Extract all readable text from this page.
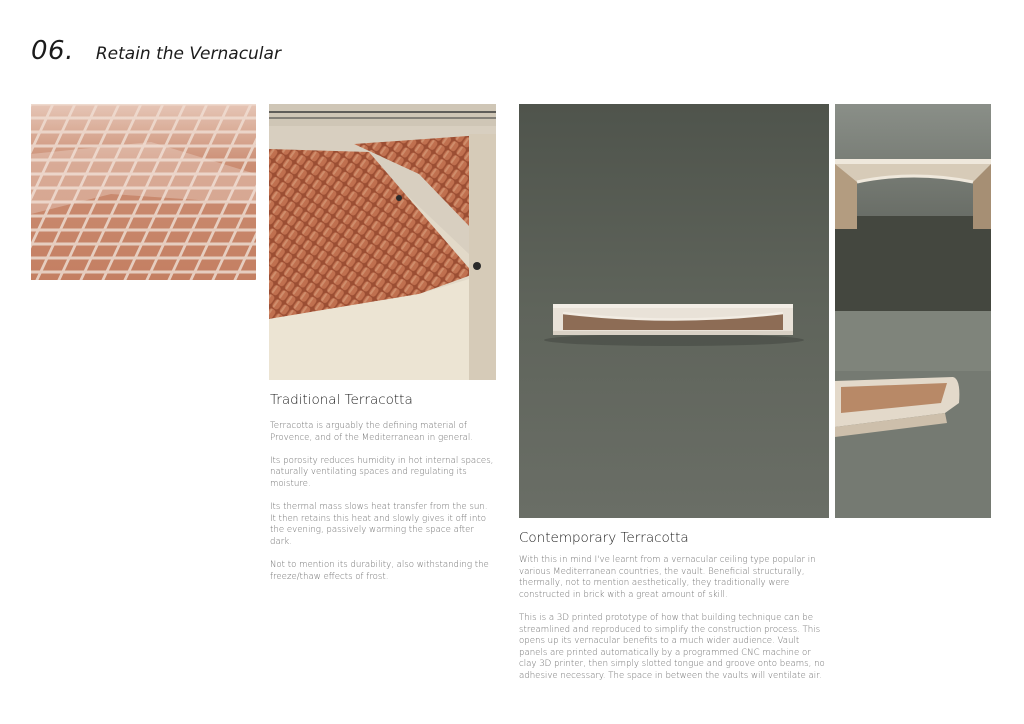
06. Retain the Vernacular
Traditional Terracotta

Terracotta is arguably the defining material of Provence, and of the Mediterranean in general.

Its porosity reduces humidity in hot internal spaces, naturally ventilating spaces and regulating its moisture.

Its thermal mass slows heat transfer from the sun. It then retains this heat and slowly gives it off into the evening, passively warming the space after dark.

Not to mention its durability, also withstanding the freeze/thaw effects of frost.

Contemporary Terracotta

With this in mind I've learnt from a vernacular ceiling type popular in various Mediterranean countries, the vault. Beneficial structurally, thermally, not to mention aesthetically, they traditionally were constructed in brick with a great amount of skill.

This is a 3D printed prototype of how that building technique can be streamlined and reproduced to simplify the construction process. This opens up its vernacular benefits to a much wider audience. Vault panels are printed automatically by a programmed CNC machine or clay 3D printer, then simply slotted tongue and groove onto beams, no adhesive necessary. The space in between the vaults will ventilate air.
